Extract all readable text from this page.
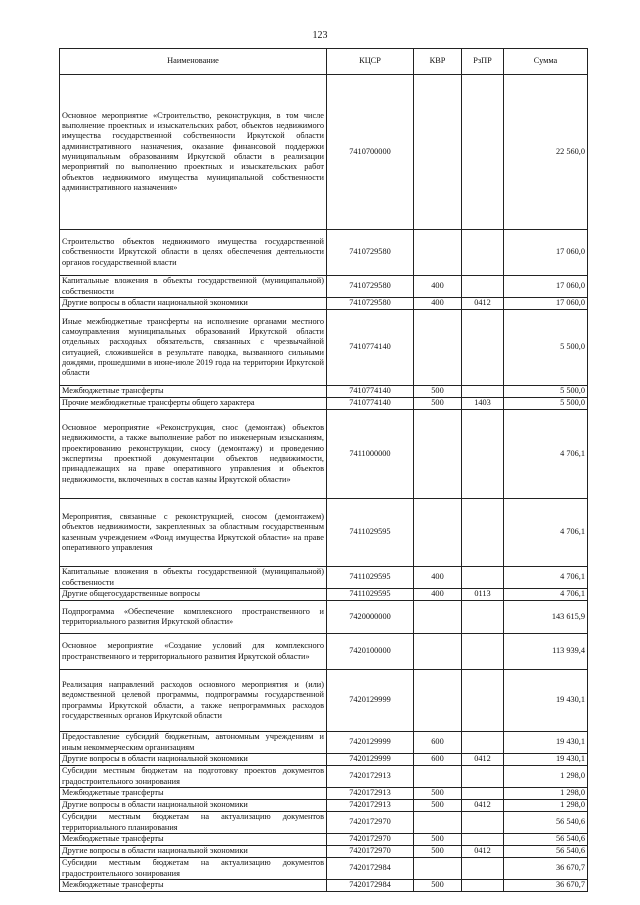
123
Наименование	КЦСР	КВР	РзПР	Сумма
Основное мероприятие «Строительство, реконструкция, в том числе выполнение проектных и изыскательских работ, объектов недвижимого имущества государственной собственности Иркутской области административного назначения, оказание финансовой поддержки муниципальным образованиям Иркутской области в реализации мероприятий по выполнению проектных и изыскательских работ объектов недвижимого имущества муниципальной собственности административного назначения»	7410700000			22 560,0
Строительство объектов недвижимого имущества государственной собственности Иркутской области в целях обеспечения деятельности органов государственной власти	7410729580			17 060,0
Капитальные вложения в объекты государственной (муниципальной) собственности	7410729580	400		17 060,0
Другие вопросы в области национальной экономики	7410729580	400	0412	17 060,0
Иные межбюджетные трансферты на исполнение органами местного самоуправления муниципальных образований Иркутской области отдельных расходных обязательств, связанных с чрезвычайной ситуацией, сложившейся в результате паводка, вызванного сильными дождями, прошедшими в июне-июле 2019 года на территории Иркутской области	7410774140			5 500,0
Межбюджетные трансферты	7410774140	500		5 500,0
Прочие межбюджетные трансферты общего характера	7410774140	500	1403	5 500,0
Основное мероприятие «Реконструкция, снос (демонтаж) объектов недвижимости, а также выполнение работ по инженерным изысканиям, проектированию реконструкции, сносу (демонтажу) и проведению экспертизы проектной документации объектов недвижимости, принадлежащих на праве оперативного управления и объектов недвижимости, включенных в состав казны Иркутской области»	7411000000			4 706,1
Мероприятия, связанные с реконструкцией, сносом (демонтажем) объектов недвижимости, закрепленных за областным государственным казенным учреждением «Фонд имущества Иркутской области» на праве оперативного управления	7411029595			4 706,1
Капитальные вложения в объекты государственной (муниципальной) собственности	7411029595	400		4 706,1
Другие общегосударственные вопросы	7411029595	400	0113	4 706,1
Подпрограмма «Обеспечение комплексного пространственного и территориального развития Иркутской области»	7420000000			143 615,9
Основное мероприятие «Создание условий для комплексного пространственного и территориального развития Иркутской области»	7420100000			113 939,4
Реализация направлений расходов основного мероприятия и (или) ведомственной целевой программы, подпрограммы государственной программы Иркутской области, а также непрограммных расходов государственных органов Иркутской области	7420129999			19 430,1
Предоставление субсидий бюджетным, автономным учреждениям и иным некоммерческим организациям	7420129999	600		19 430,1
Другие вопросы в области национальной экономики	7420129999	600	0412	19 430,1
Субсидии местным бюджетам на подготовку проектов документов градостроительного зонирования	7420172913			1 298,0
Межбюджетные трансферты	7420172913	500		1 298,0
Другие вопросы в области национальной экономики	7420172913	500	0412	1 298,0
Субсидии местным бюджетам на актуализацию документов территориального планирования	7420172970			56 540,6
Межбюджетные трансферты	7420172970	500		56 540,6
Другие вопросы в области национальной экономики	7420172970	500	0412	56 540,6
Субсидии местным бюджетам на актуализацию документов градостроительного зонирования	7420172984			36 670,7
Межбюджетные трансферты	7420172984	500		36 670,7
